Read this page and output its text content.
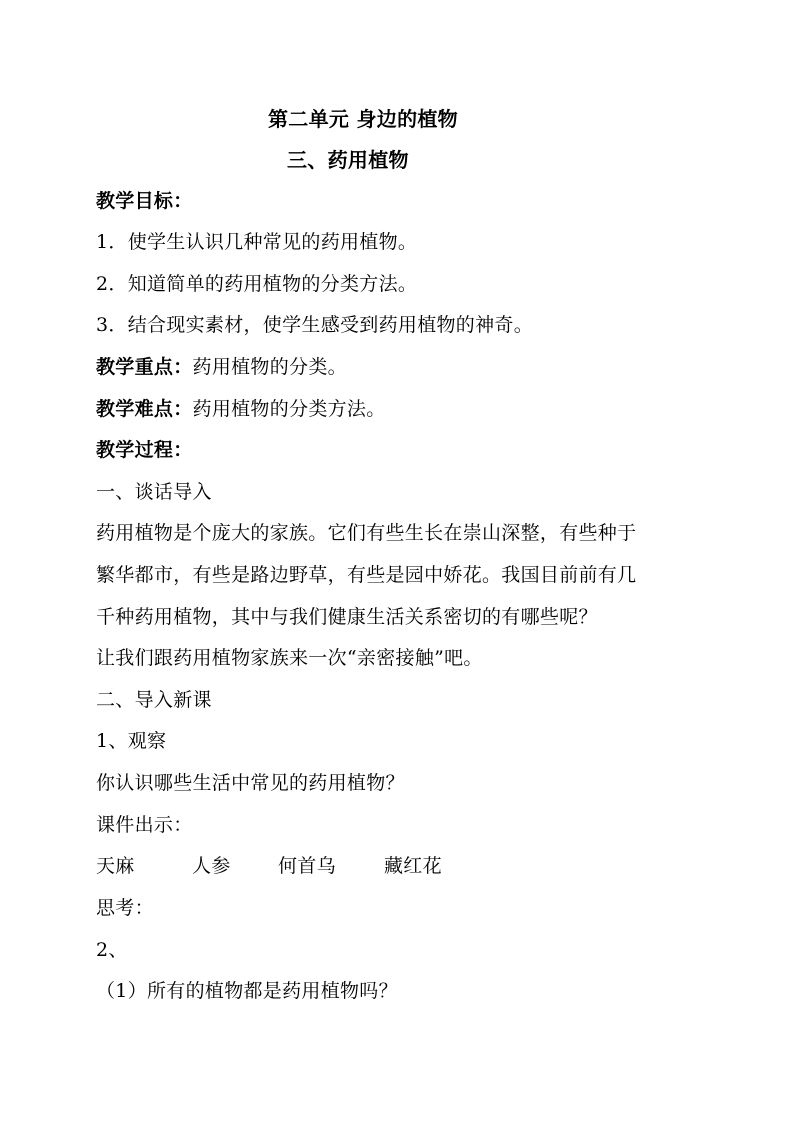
第二单元 身边的植物
三、药用植物
教学目标：
1．使学生认识几种常见的药用植物。
2．知道简单的药用植物的分类方法。
3．结合现实素材，使学生感受到药用植物的神奇。
教学重点：药用植物的分类。
教学难点：药用植物的分类方法。
教学过程：
一、谈话导入
药用植物是个庞大的家族。它们有些生长在崇山深整，有些种于
繁华都市，有些是路边野草，有些是园中娇花。我国目前前有几
千种药用植物，其中与我们健康生活关系密切的有哪些呢？
让我们跟药用植物家族来一次“亲密接触”吧。
二、导入新课
1、观察
你认识哪些生活中常见的药用植物？
课件出示：
天麻	人参 何首乌	藏红花
思考：
2、
（1）所有的植物都是药用植物吗？
